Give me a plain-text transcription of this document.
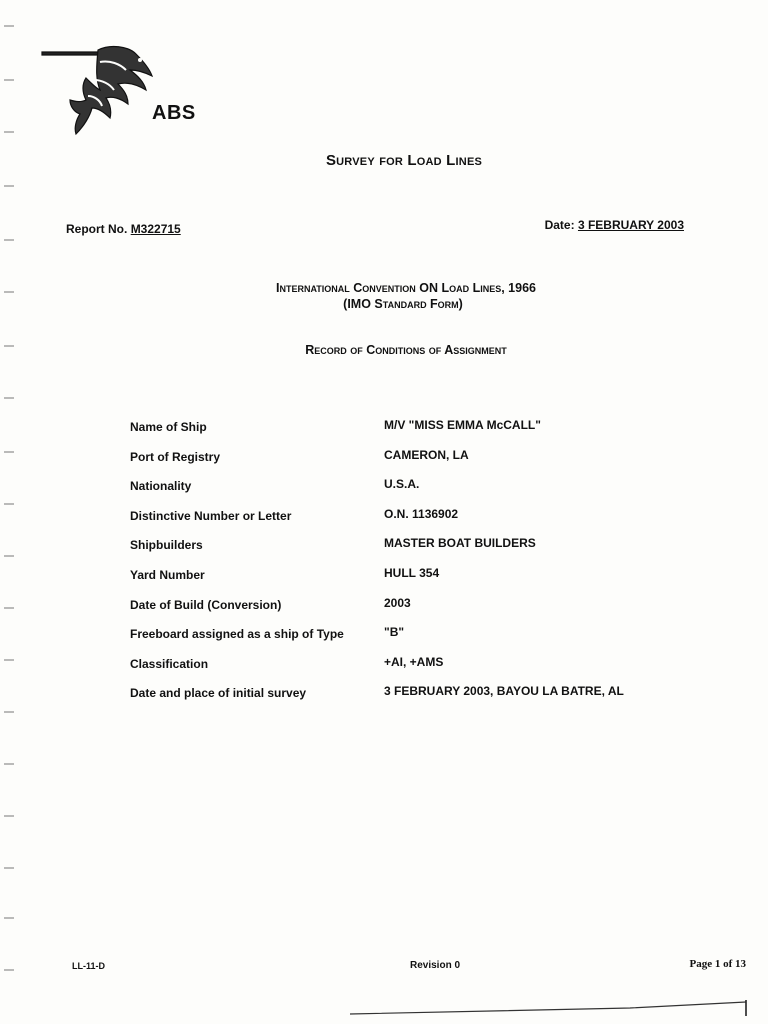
ABS
Survey for Load Lines
Report No. M322715	Date: 3 FEBRUARY 2003
International Convention ON Load Lines, 1966
(IMO Standard Form)
Record of Conditions of Assignment
Name of Ship	M/V "MISS EMMA McCALL"
Port of Registry	CAMERON, LA
Nationality	U.S.A.
Distinctive Number or Letter	O.N. 1136902
Shipbuilders	MASTER BOAT BUILDERS
Yard Number	HULL 354
Date of Build (Conversion)	2003
Freeboard assigned as a ship of Type	"B"
Classification	+AI, +AMS
Date and place of initial survey	3 FEBRUARY 2003, BAYOU LA BATRE, AL
LL-11-D	Revision 0	Page 1 of 13
